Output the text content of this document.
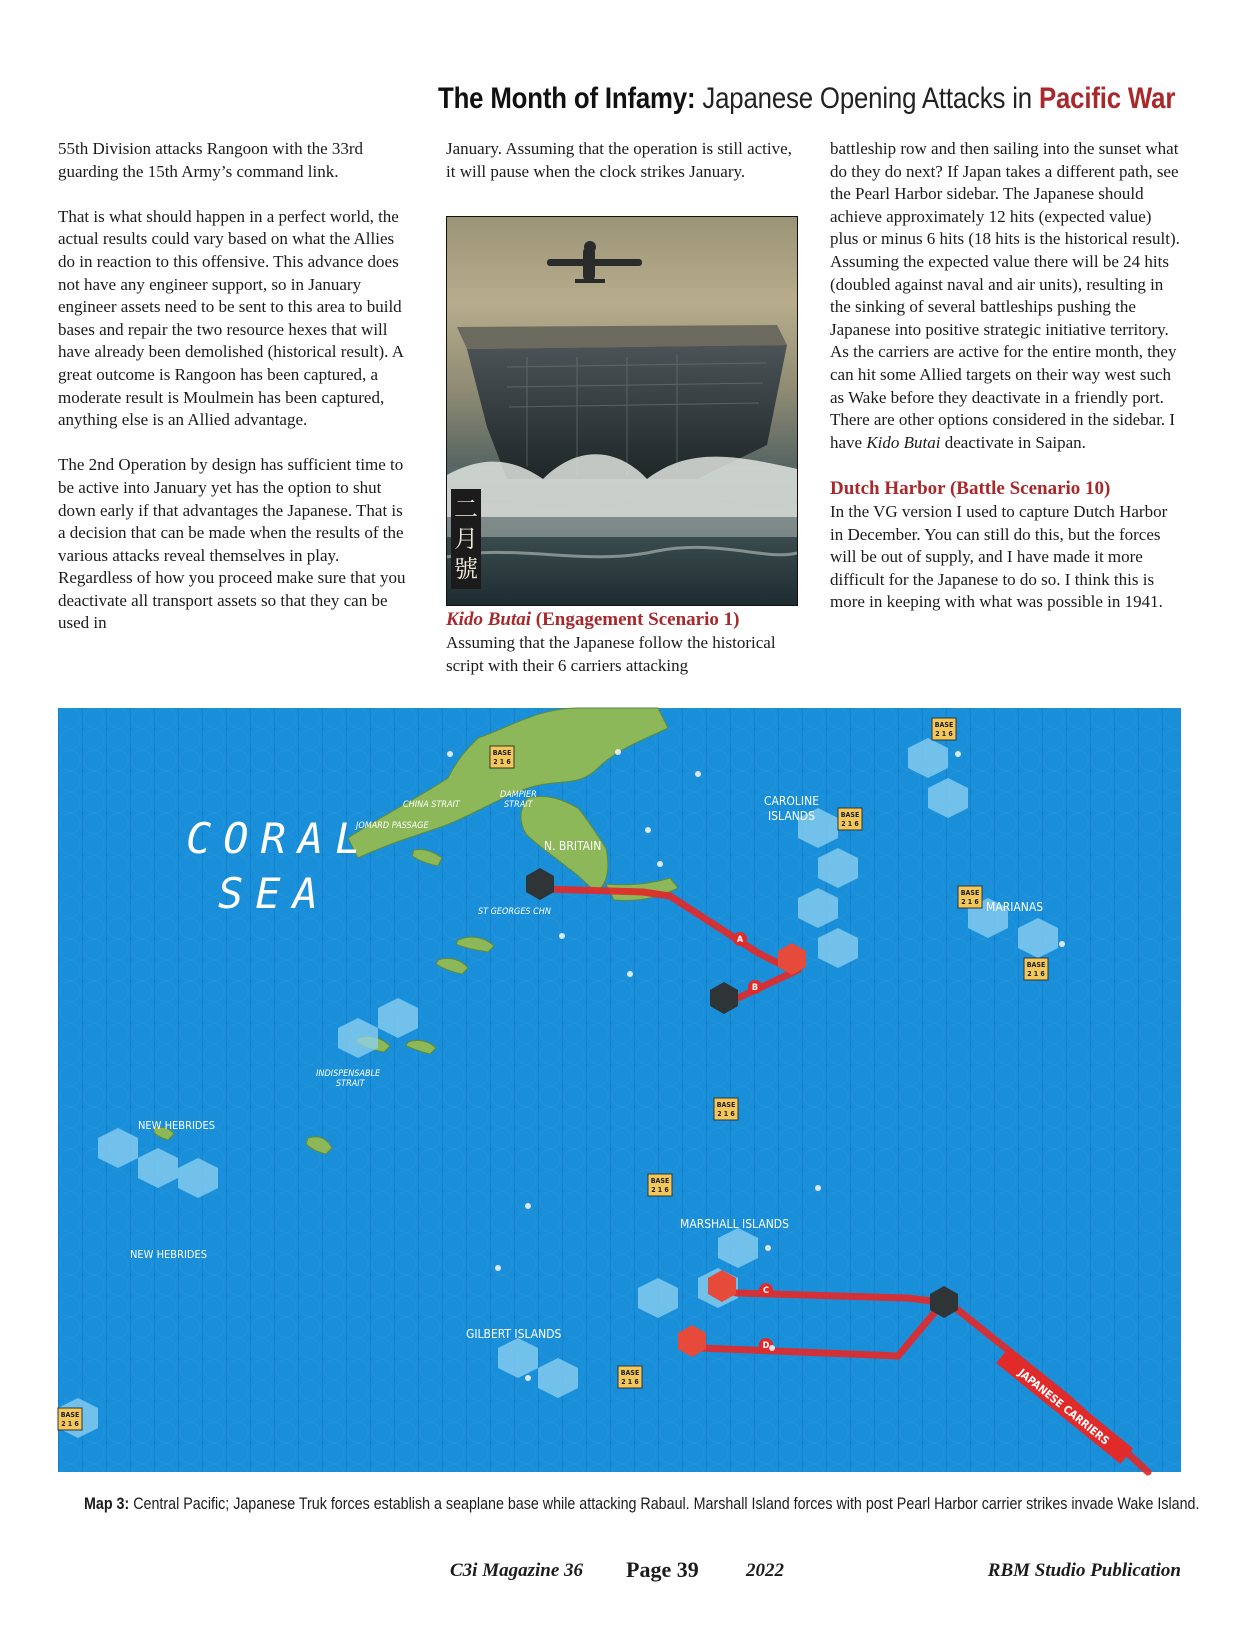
The Month of Infamy: Japanese Opening Attacks in Pacific War

55th Division attacks Rangoon with the 33rd guarding the 15th Army’s command link.

That is what should happen in a perfect world, the actual results could vary based on what the Allies do in reaction to this offensive. This advance does not have any engineer support, so in January engineer assets need to be sent to this area to build bases and repair the two resource hexes that will have already been demolished (historical result). A great outcome is Rangoon has been captured, a moderate result is Moulmein has been captured, anything else is an Allied advantage.

The 2nd Operation by design has sufficient time to be active into January yet has the option to shut down early if that advantages the Japanese. That is a decision that can be made when the results of the various attacks reveal themselves in play. Regardless of how you proceed make sure that you deactivate all transport assets so that they can be used in

January. Assuming that the operation is still active, it will pause when the clock strikes January.

二
月
號
Kido Butai (Engagement Scenario 1)

Assuming that the Japanese follow the historical script with their 6 carriers attacking

battleship row and then sailing into the sunset what do they do next? If Japan takes a different path, see the Pearl Harbor sidebar. The Japanese should achieve approximately 12 hits (expected value) plus or minus 6 hits (18 hits is the historical result). Assuming the expected value there will be 24 hits (doubled against naval and air units), resulting in the sinking of several battleships pushing the Japanese into positive strategic initiative territory. As the carriers are active for the entire month, they can hit some Allied targets on their way west such as Wake before they deactivate in a friendly port. There are other options considered in the sidebar. I have Kido Butai deactivate in Saipan.

Dutch Harbor (Battle Scenario 10)

In the VG version I used to capture Dutch Harbor in December. You can still do this, but the forces will be out of supply, and I have made it more difficult for the Japanese to do so. I think this is more in keeping with what was possible in 1941.

JAPANESE CARRIERS
A
B
C
D
BASE
2 1 6
BASE
2 1 6
BASE
2 1 6
BASE
2 1 6
BASE
2 1 6
BASE
2 1 6
BASE
2 1 6
BASE
2 1 6
BASE
2 1 6
CORAL
SEA
NEW HEBRIDES
NEW HEBRIDES
N. BRITAIN
ST GEORGES CHN
DAMPIER
STRAIT
CHINA STRAIT
JOMARD PASSAGE
INDISPENSABLE
STRAIT
CAROLINE
ISLANDS
ISLANDS
MARIANAS
MARSHALL ISLANDS
GILBERT ISLANDS
Map 3: Central Pacific; Japanese Truk forces establish a seaplane base while attacking Rabaul. Marshall Island forces with post Pearl Harbor carrier strikes invade Wake Island.
C3i Magazine 36 Page 39 2022	RBM Studio Publication
